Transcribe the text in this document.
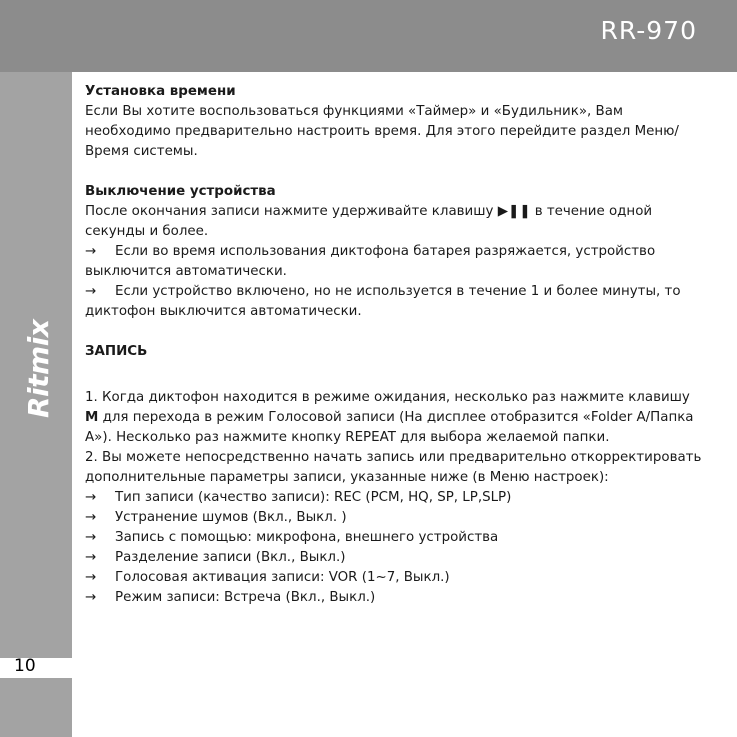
RR-970
Ritmix
10

Установка времени

Если Вы хотите воспользоваться функциями «Таймер» и «Будильник», Вам необходимо предварительно настроить время. Для этого перейдите раздел Меню/ Время системы.

Выключение устройства

После окончания записи нажмите удерживайте клавишу ▶❚❚ в течение одной секунды и более.

→ Если во время использования диктофона батарея разряжается, устройство выключится автоматически.

→ Если устройство включено, но не используется в течение 1 и более минуты, то диктофон выключится автоматически.

ЗАПИСЬ

1. Когда диктофон находится в режиме ожидания, несколько раз нажмите клавишу M для перехода в режим Голосовой записи (На дисплее отобразится «Folder A/Папка A»). Несколько раз нажмите кнопку REPEAT для выбора желаемой папки.

2. Вы можете непосредственно начать запись или предварительно откорректировать дополнительные параметры записи, указанные ниже (в Меню настроек):

→ Тип записи (качество записи): REC (PCM, HQ, SP, LP,SLP)

→ Устранение шумов (Вкл., Выкл. )

→ Запись с помощью: микрофона, внешнего устройства

→ Разделение записи (Вкл., Выкл.)

→ Голосовая активация записи: VOR (1~7, Выкл.)

→ Режим записи: Встреча (Вкл., Выкл.)
